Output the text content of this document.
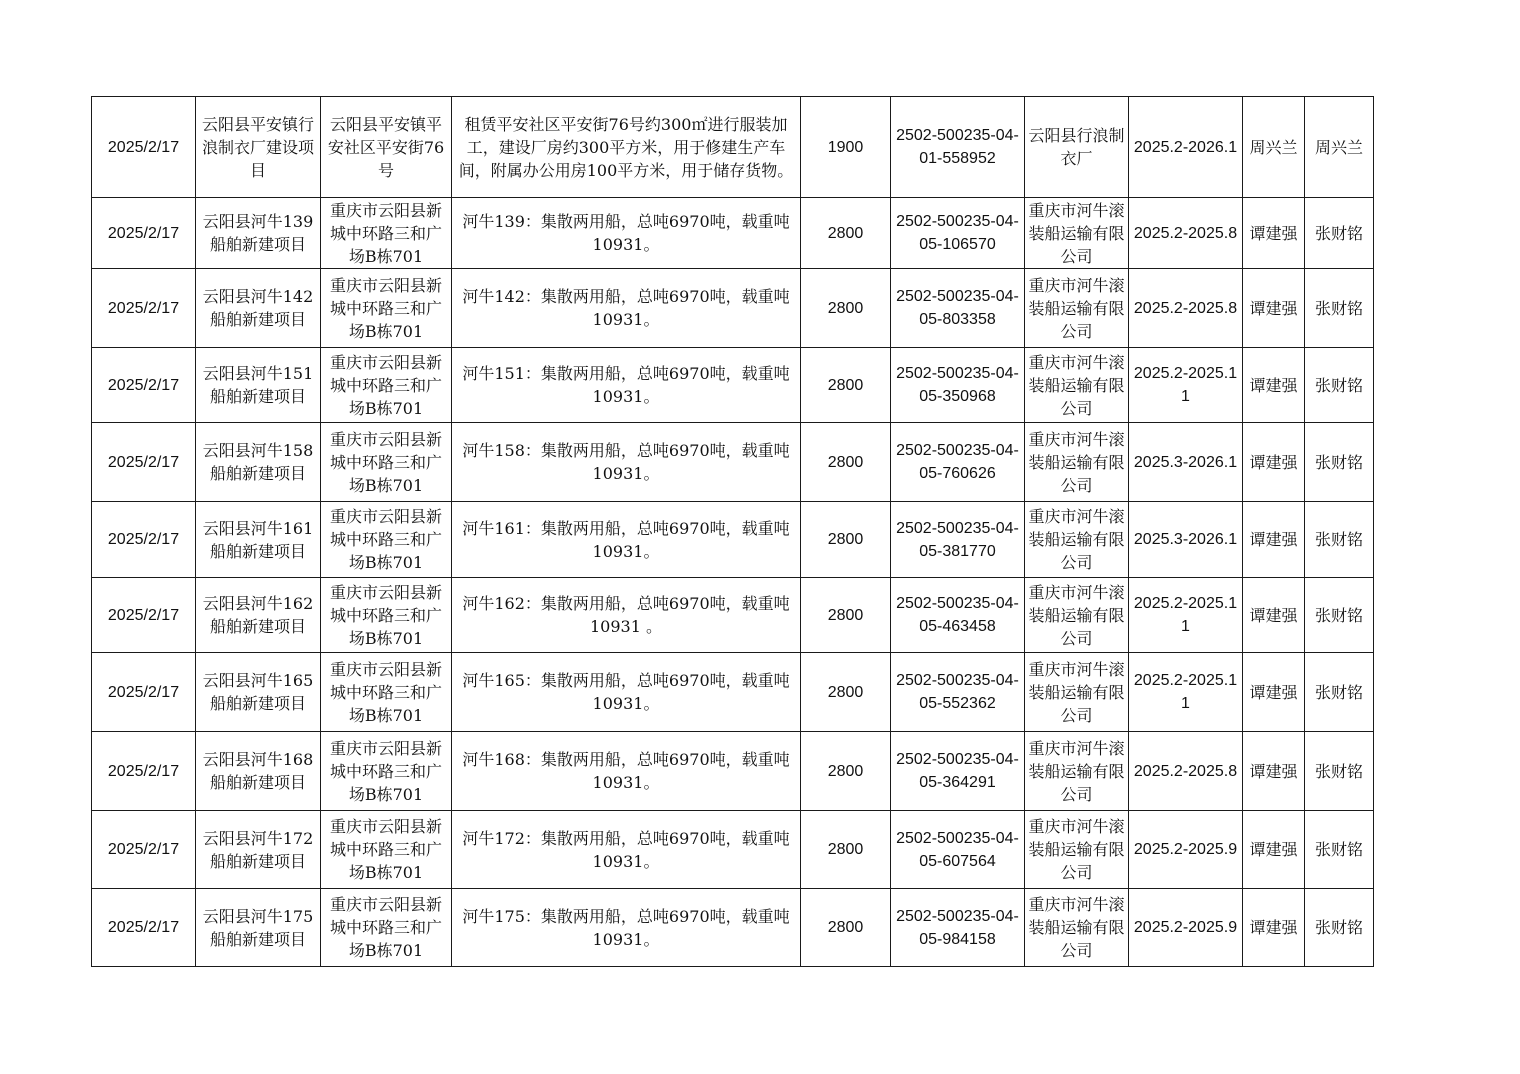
2025/2/17	云阳县平安镇行浪制衣厂建设项目	云阳县平安镇平安社区平安街76号	租赁平安社区平安街76号约300㎡进行服装加工，建设厂房约300平方米，用于修建生产车间，附属办公用房100平方米，用于储存货物。	1900	2502-500235-04-01-558952	云阳县行浪制衣厂	2025.2-2026.1	周兴兰	周兴兰
2025/2/17	云阳县河牛139船舶新建项目	重庆市云阳县新城中环路三和广场B栋701	河牛139：集散两用船，总吨6970吨，载重吨10931。	2800	2502-500235-04-05-106570	重庆市河牛滚装船运输有限公司	2025.2-2025.8	谭建强	张财铭
2025/2/17	云阳县河牛142船舶新建项目	重庆市云阳县新城中环路三和广场B栋701	河牛142：集散两用船，总吨6970吨，载重吨10931。	2800	2502-500235-04-05-803358	重庆市河牛滚装船运输有限公司	2025.2-2025.8	谭建强	张财铭
2025/2/17	云阳县河牛151船舶新建项目	重庆市云阳县新城中环路三和广场B栋701	河牛151：集散两用船，总吨6970吨，载重吨10931。	2800	2502-500235-04-05-350968	重庆市河牛滚装船运输有限公司	2025.2-2025.11	谭建强	张财铭
2025/2/17	云阳县河牛158船舶新建项目	重庆市云阳县新城中环路三和广场B栋701	河牛158：集散两用船，总吨6970吨，载重吨10931。	2800	2502-500235-04-05-760626	重庆市河牛滚装船运输有限公司	2025.3-2026.1	谭建强	张财铭
2025/2/17	云阳县河牛161船舶新建项目	重庆市云阳县新城中环路三和广场B栋701	河牛161：集散两用船，总吨6970吨，载重吨10931。	2800	2502-500235-04-05-381770	重庆市河牛滚装船运输有限公司	2025.3-2026.1	谭建强	张财铭
2025/2/17	云阳县河牛162船舶新建项目	重庆市云阳县新城中环路三和广场B栋701	河牛162：集散两用船，总吨6970吨，载重吨10931 。	2800	2502-500235-04-05-463458	重庆市河牛滚装船运输有限公司	2025.2-2025.11	谭建强	张财铭
2025/2/17	云阳县河牛165船舶新建项目	重庆市云阳县新城中环路三和广场B栋701	河牛165：集散两用船，总吨6970吨，载重吨10931。	2800	2502-500235-04-05-552362	重庆市河牛滚装船运输有限公司	2025.2-2025.11	谭建强	张财铭
2025/2/17	云阳县河牛168船舶新建项目	重庆市云阳县新城中环路三和广场B栋701	河牛168：集散两用船，总吨6970吨，载重吨10931。	2800	2502-500235-04-05-364291	重庆市河牛滚装船运输有限公司	2025.2-2025.8	谭建强	张财铭
2025/2/17	云阳县河牛172船舶新建项目	重庆市云阳县新城中环路三和广场B栋701	河牛172：集散两用船，总吨6970吨，载重吨10931。	2800	2502-500235-04-05-607564	重庆市河牛滚装船运输有限公司	2025.2-2025.9	谭建强	张财铭
2025/2/17	云阳县河牛175船舶新建项目	重庆市云阳县新城中环路三和广场B栋701	河牛175：集散两用船，总吨6970吨，载重吨10931。	2800	2502-500235-04-05-984158	重庆市河牛滚装船运输有限公司	2025.2-2025.9	谭建强	张财铭
